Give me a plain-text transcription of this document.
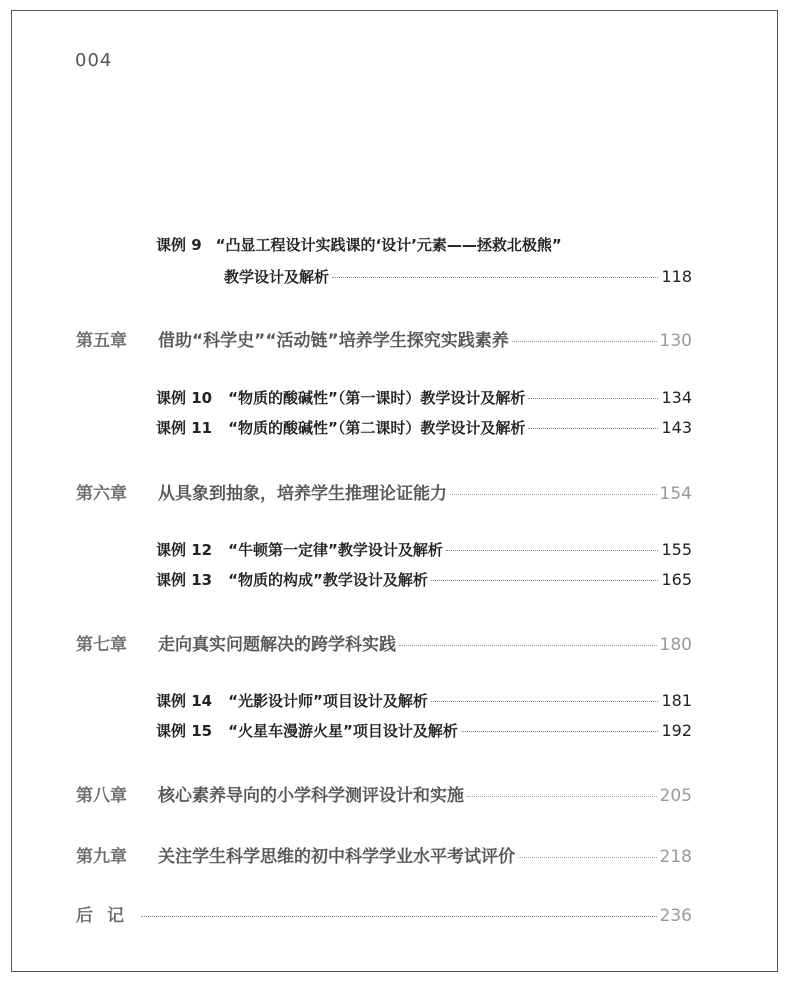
004
课例 9 “凸显工程设计实践课的‘设计’元素——拯救北极熊”
教学设计及解析	118
第五章	借助“科学史”“活动链”培养学生探究实践素养	130
课例 10 “物质的酸碱性”（第一课时）教学设计及解析	134
课例 11 “物质的酸碱性”（第二课时）教学设计及解析	143
第六章	从具象到抽象，培养学生推理论证能力	154
课例 12 “牛顿第一定律”教学设计及解析	155
课例 13 “物质的构成”教学设计及解析	165
第七章	走向真实问题解决的跨学科实践	180
课例 14 “光影设计师”项目设计及解析	181
课例 15 “火星车漫游火星”项目设计及解析	192
第八章	核心素养导向的小学科学测评设计和实施	205
第九章	关注学生科学思维的初中科学学业水平考试评价	218
后记	236
